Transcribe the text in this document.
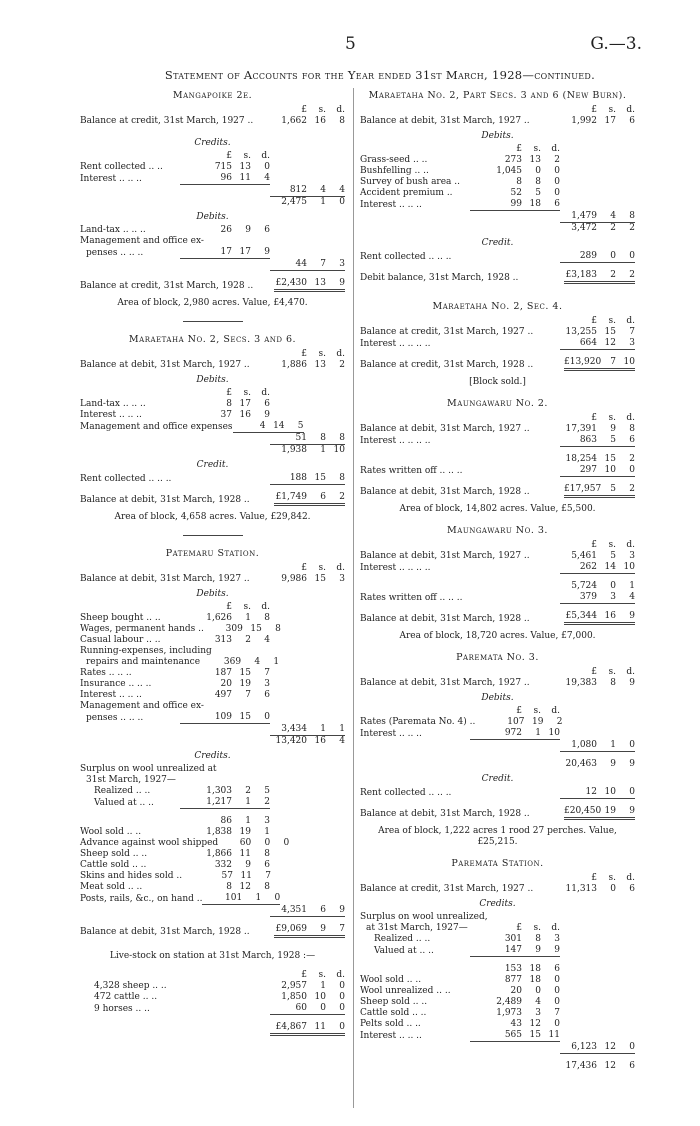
5	G.—3.
Statement of Accounts for the Year ended 31st March, 1928—continued.
Mangapoike 2e.
£	s.	d.
Balance at credit, 31st March, 1927 ..	1,662 16	8
Credits.
£	s.	d.
Rent collected .. ..	715 13	0
Interest .. .. ..	96 11	4
812	4	4
2,475	1	0
Debits.
Land-tax .. .. ..	26	9	6
Management and office ex-
penses .. .. ..	17 17	9
44	7	3
Balance at credit, 31st March, 1928 .. £2,430 13	9
Area of block, 2,980 acres. Value, £4,470.
Maraetaha No. 2, Secs. 3 and 6.
£	s.	d.
Balance at debit, 31st March, 1927 ..	1,886 13	2
Debits.
£	s.	d.
Land-tax .. .. ..	8 17	6
Interest .. .. ..	37 16	9
Management and office expenses	4 14	5
51	8	8
1,938	1 10
Credit.
Rent collected .. .. ..	188 15	8
Balance at debit, 31st March, 1928 ..	£1,749	6	2
Area of block, 4,658 acres. Value, £29,842.
Patemaru Station.
£	s.	d.
Balance at debit, 31st March, 1927 ..	9,986 15	3
Debits.
£	s.	d.
Sheep bought .. ..	1,626	1	8
Wages, permanent hands ..	309 15	8
Casual labour .. ..	313	2	4
Running-expenses, including
repairs and maintenance	369	4	1
Rates .. .. ..	187 15	7
Insurance .. .. ..	20 19	3
Interest .. .. ..	497	7	6
Management and office ex-
penses .. .. ..	109 15	0
3,434	1	1
13,420 16	4
Credits.
Surplus on wool unrealized at
31st March, 1927—
Realized .. ..	1,303	2	5
Valued at .. ..	1,217	1	2
86	1	3
Wool sold .. ..	1,838 19	1
Advance against wool shipped	60	0	0
Sheep sold .. ..	1,866 11	8
Cattle sold .. ..	332	9	6
Skins and hides sold ..	57 11	7
Meat sold .. ..	8 12	8
Posts, rails, &c., on hand ..	101	1	0
4,351	6	9
Balance at debit, 31st March, 1928 ..	£9,069	9	7
Live-stock on station at 31st March, 1928 :—
£	s.	d.
4,328 sheep .. ..	2,957	1	0
472 cattle .. ..	1,850 10	0
9 horses .. ..	60	0	0
£4,867 11	0
Maraetaha No. 2, Part Secs. 3 and 6 (New Burn).
£	s.	d.
Balance at debit, 31st March, 1927 ..	1,992 17	6
Debits.
£	s.	d.
Grass-seed .. ..	273 13	2
Bushfelling .. ..	1,045	0	0
Survey of bush area ..	8	8	0
Accident premium ..	52	5	0
Interest .. .. ..	99 18	6
1,479	4	8
3,472	2	2
Credit.
Rent collected .. .. ..	289	0	0
Debit balance, 31st March, 1928 ..	£3,183	2	2
Maraetaha No. 2, Sec. 4.
£	s.	d.
Balance at credit, 31st March, 1927 ..	13,255 15	7
Interest .. .. .. ..	664 12	3
Balance at credit, 31st March, 1928 ..	£13,920	7 10
[Block sold.]
Maungawaru No. 2.
£	s.	d.
Balance at debit, 31st March, 1927 ..	17,391	9	8
Interest .. .. .. ..	863	5	6
18,254 15	2
Rates written off .. .. ..	297 10	0
Balance at debit, 31st March, 1928 ..	£17,957	5	2
Area of block, 14,802 acres. Value, £5,500.
Maungawaru No. 3.
£	s.	d.
Balance at debit, 31st March, 1927 ..	5,461	5	3
Interest .. .. .. ..	262 14 10
5,724	0	1
Rates written off .. .. ..	379	3	4
Balance at debit, 31st March, 1928 ..	£5,344 16	9
Area of block, 18,720 acres. Value, £7,000.
Paremata No. 3.
£	s.	d.
Balance at debit, 31st March, 1927 ..	19,383	8	9
Debits.
£	s.	d.
Rates (Paremata No. 4) ..	107 19	2
Interest .. .. ..	972	1 10
1,080	1	0
20,463	9	9
Credit.
Rent collected .. .. ..	12 10	0
Balance at debit, 31st March, 1928 ..	£20,450 19	9
Area of block, 1,222 acres 1 rood 27 perches. Value, £25,215.
Paremata Station.
£	s.	d.
Balance at credit, 31st March, 1927 ..	11,313	0	6
Credits.
Surplus on wool unrealized,
at 31st March, 1927—	£	s.	d.
Realized .. ..	301	8	3
Valued at .. ..	147	9	9
153 18	6
Wool sold .. ..	877 18	0
Wool unrealized .. ..	20	0	0
Sheep sold .. ..	2,489	4	0
Cattle sold .. ..	1,973	3	7
Pelts sold .. ..	43 12	0
Interest .. .. ..	565 15 11
6,123 12	0
17,436 12	6
